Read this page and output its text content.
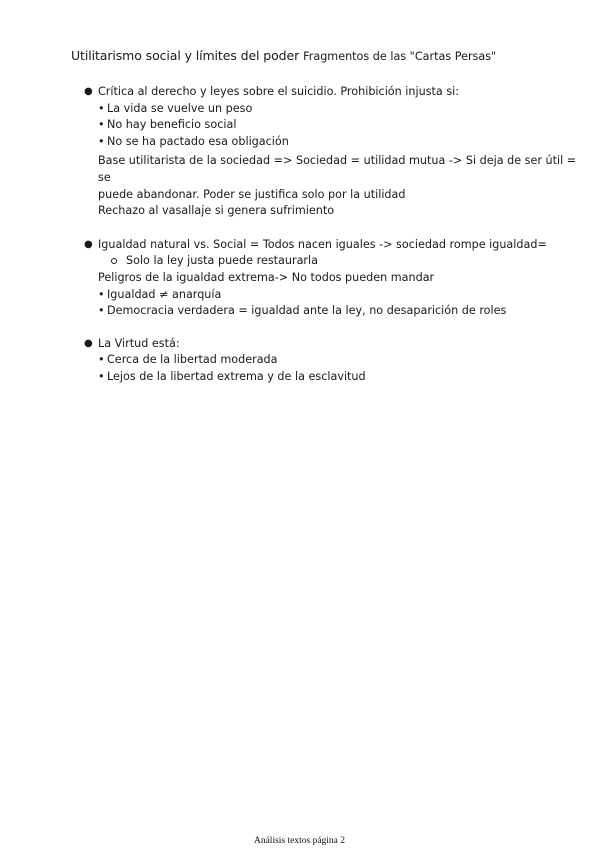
Utilitarismo social y límites del poder Fragmentos de las "Cartas Persas"
● Crítica al derecho y leyes sobre el suicidio. Prohibición injusta si:
• La vida se vuelve un peso
• No hay beneficio social
• No se ha pactado esa obligación
Base utilitarista de la sociedad => Sociedad = utilidad mutua -> Si deja de ser útil = se
puede abandonar. Poder se justifica solo por la utilidad
Rechazo al vasallaje si genera sufrimiento
● Igualdad natural vs. Social = Todos nacen iguales -> sociedad rompe igualdad=
Solo la ley justa puede restaurarla
Peligros de la igualdad extrema-> No todos pueden mandar
• Igualdad ≠ anarquía
• Democracia verdadera = igualdad ante la ley, no desaparición de roles
● La Virtud está:
• Cerca de la libertad moderada
• Lejos de la libertad extrema y de la esclavitud
Análisis textos página 2
